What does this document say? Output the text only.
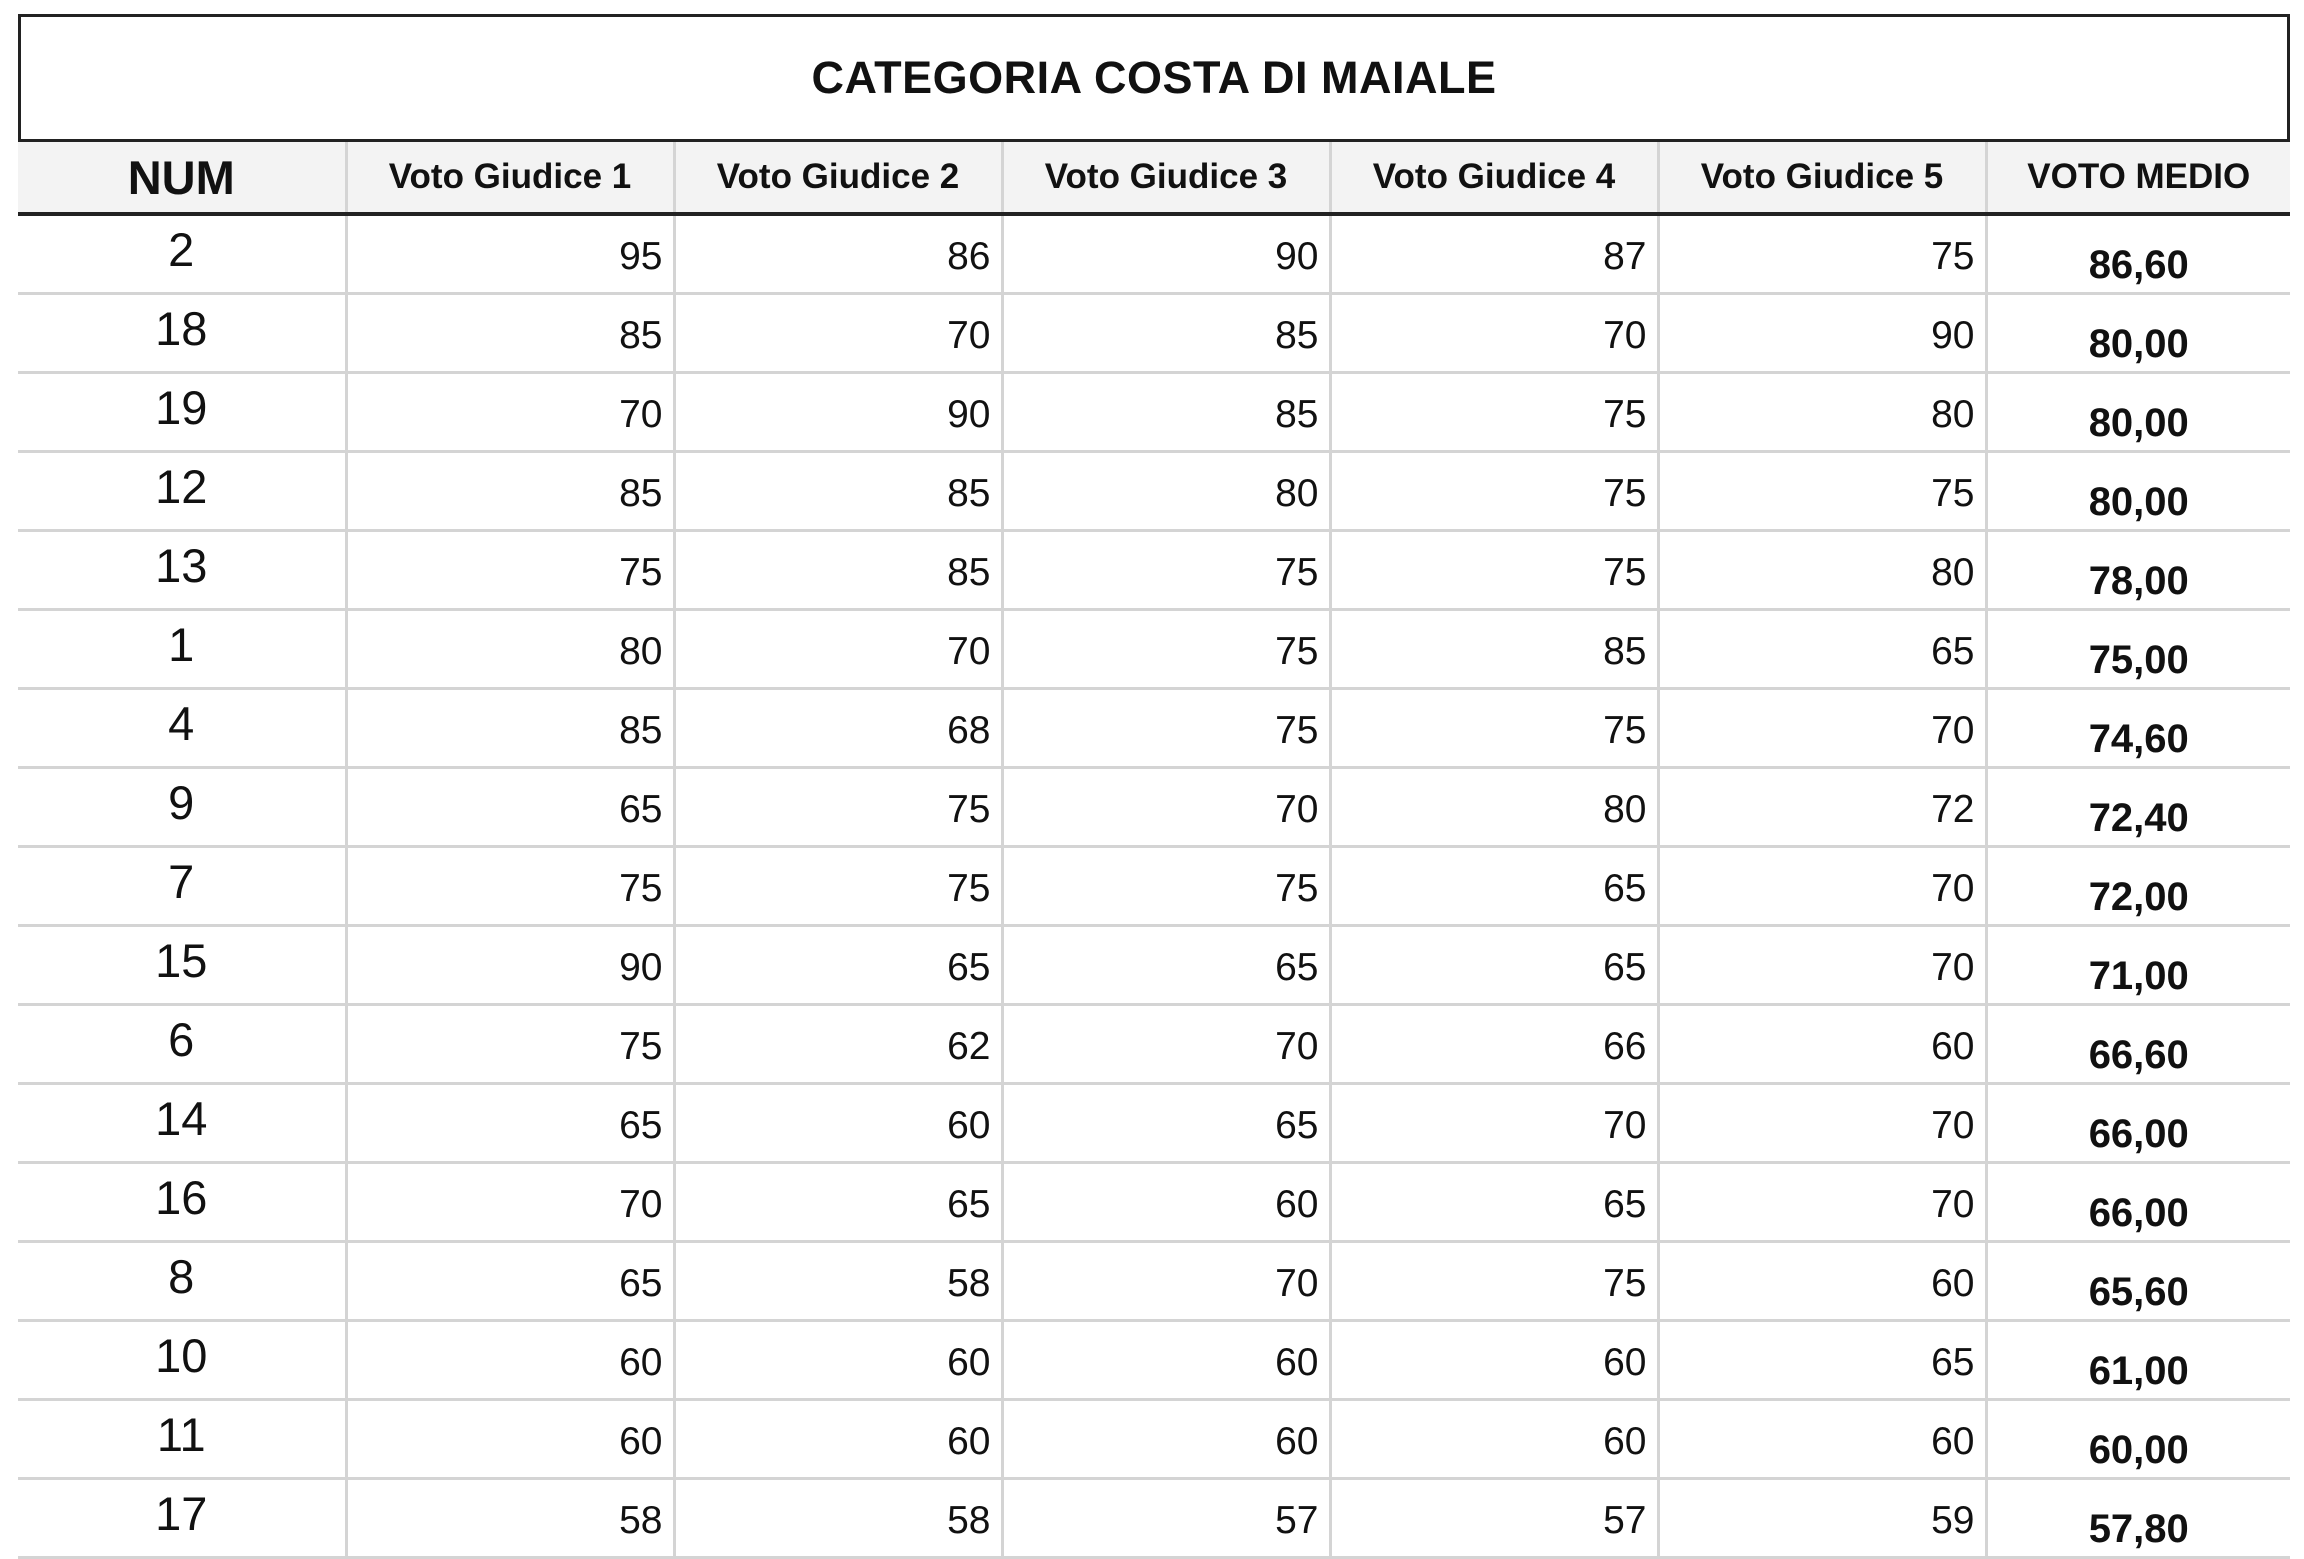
CATEGORIA COSTA DI MAIALE
NUM	Voto Giudice 1	Voto Giudice 2	Voto Giudice 3	Voto Giudice 4	Voto Giudice 5	VOTO MEDIO
2	95	86	90	87	75	86,60
18	85	70	85	70	90	80,00
19	70	90	85	75	80	80,00
12	85	85	80	75	75	80,00
13	75	85	75	75	80	78,00
1	80	70	75	85	65	75,00
4	85	68	75	75	70	74,60
9	65	75	70	80	72	72,40
7	75	75	75	65	70	72,00
15	90	65	65	65	70	71,00
6	75	62	70	66	60	66,60
14	65	60	65	70	70	66,00
16	70	65	60	65	70	66,00
8	65	58	70	75	60	65,60
10	60	60	60	60	65	61,00
11	60	60	60	60	60	60,00
17	58	58	57	57	59	57,80
